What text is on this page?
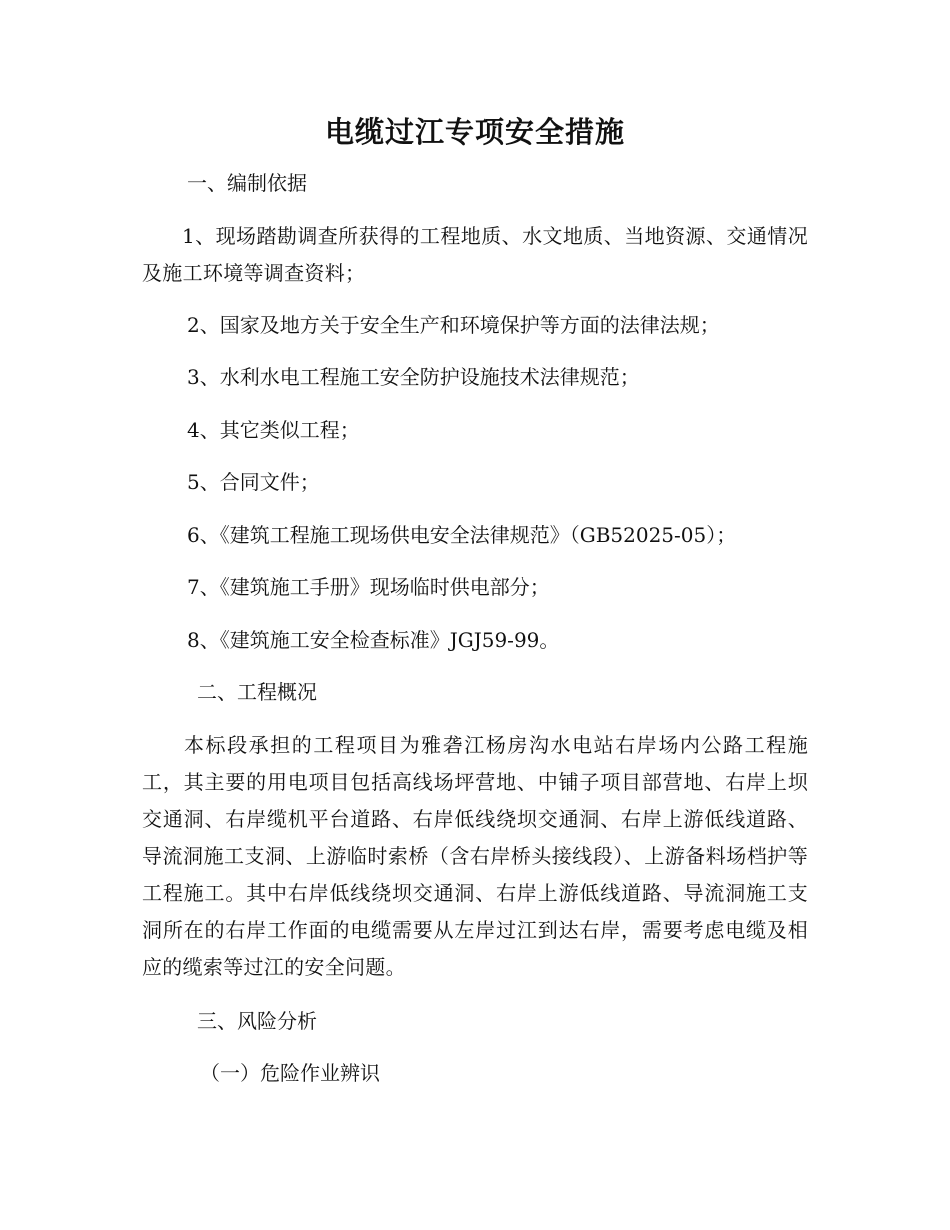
电缆过江专项安全措施

一、编制依据

1、现场踏勘调查所获得的工程地质、水文地质、当地资源、交通情况及施工环境等调查资料；

2、国家及地方关于安全生产和环境保护等方面的法律法规；

3、水利水电工程施工安全防护设施技术法律规范；

4、其它类似工程；

5、合同文件；

6、《建筑工程施工现场供电安全法律规范》（GB52025-05）；

7、《建筑施工手册》现场临时供电部分；

8、《建筑施工安全检查标准》JGJ59-99。

二、工程概况

本标段承担的工程项目为雅砻江杨房沟水电站右岸场内公路工程施工，其主要的用电项目包括高线场坪营地、中铺子项目部营地、右岸上坝交通洞、右岸缆机平台道路、右岸低线绕坝交通洞、右岸上游低线道路、导流洞施工支洞、上游临时索桥（含右岸桥头接线段）、上游备料场档护等工程施工。其中右岸低线绕坝交通洞、右岸上游低线道路、导流洞施工支洞所在的右岸工作面的电缆需要从左岸过江到达右岸，需要考虑电缆及相应的缆索等过江的安全问题。

三、风险分析

（一）危险作业辨识
